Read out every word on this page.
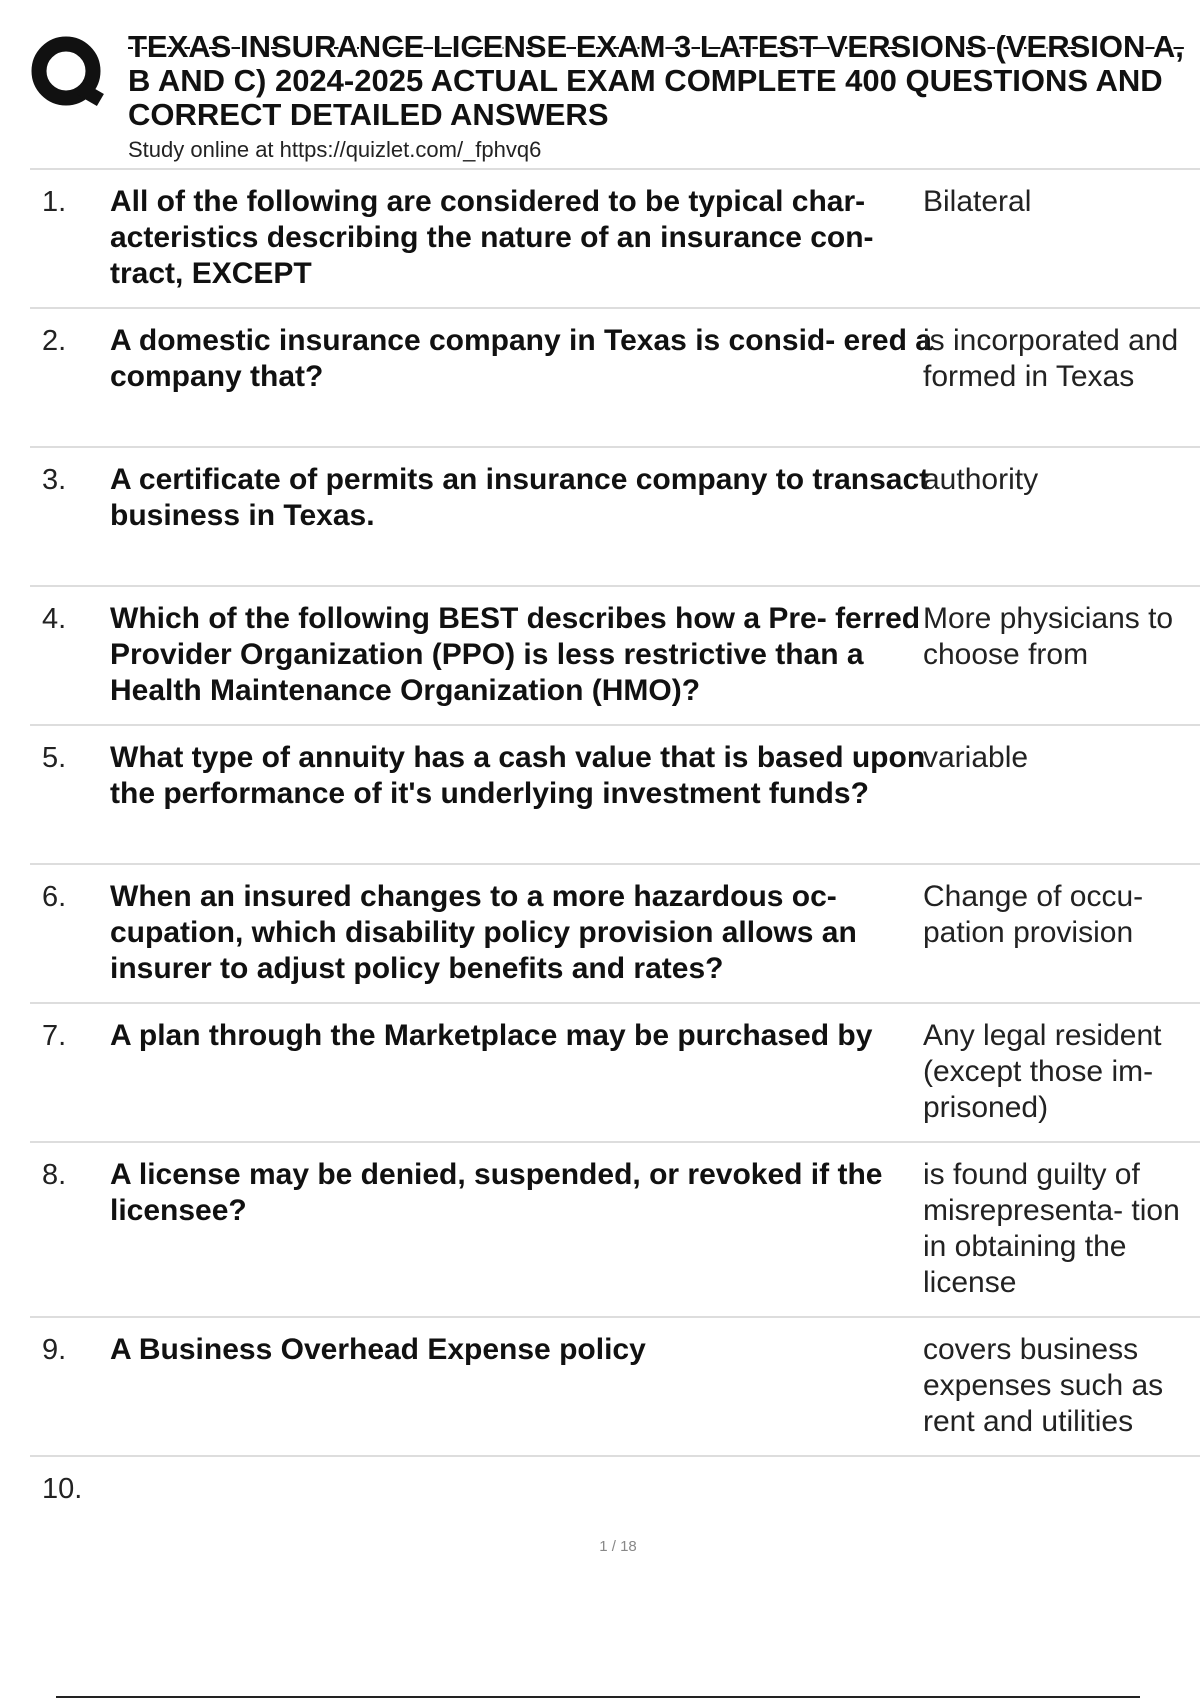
TEXAS INSURANCE LICENSE EXAM 3 LATEST VERSIONS (VERSION A,
B AND C) 2024-2025 ACTUAL EXAM COMPLETE 400 QUESTIONS AND
CORRECT DETAILED ANSWERS
Study online at https://quizlet.com/_fphvq6
1. All of the following are considered to be typical char- acteristics describing the nature of an insurance con- tract, EXCEPT
Bilateral
2. A domestic insurance company in Texas is consid- ered a company that?
is incorporated and formed in Texas
3. A certificate of permits an insurance company to transact business in Texas.
authority
4. Which of the following BEST describes how a Pre- ferred Provider Organization (PPO) is less restrictive than a Health Maintenance Organization (HMO)?
More physicians to choose from
5. What type of annuity has a cash value that is based upon the performance of it's underlying investment funds?
variable
6. When an insured changes to a more hazardous oc- cupation, which disability policy provision allows an insurer to adjust policy benefits and rates?
Change of occu- pation provision
7. A plan through the Marketplace may be purchased by	Any legal resident (except those im- prisoned)
8. A license may be denied, suspended, or revoked if the licensee?
is found guilty of misrepresenta- tion in obtaining the license
9. A Business Overhead Expense policy	covers business expenses such as rent and utilities
10.
1 / 18
